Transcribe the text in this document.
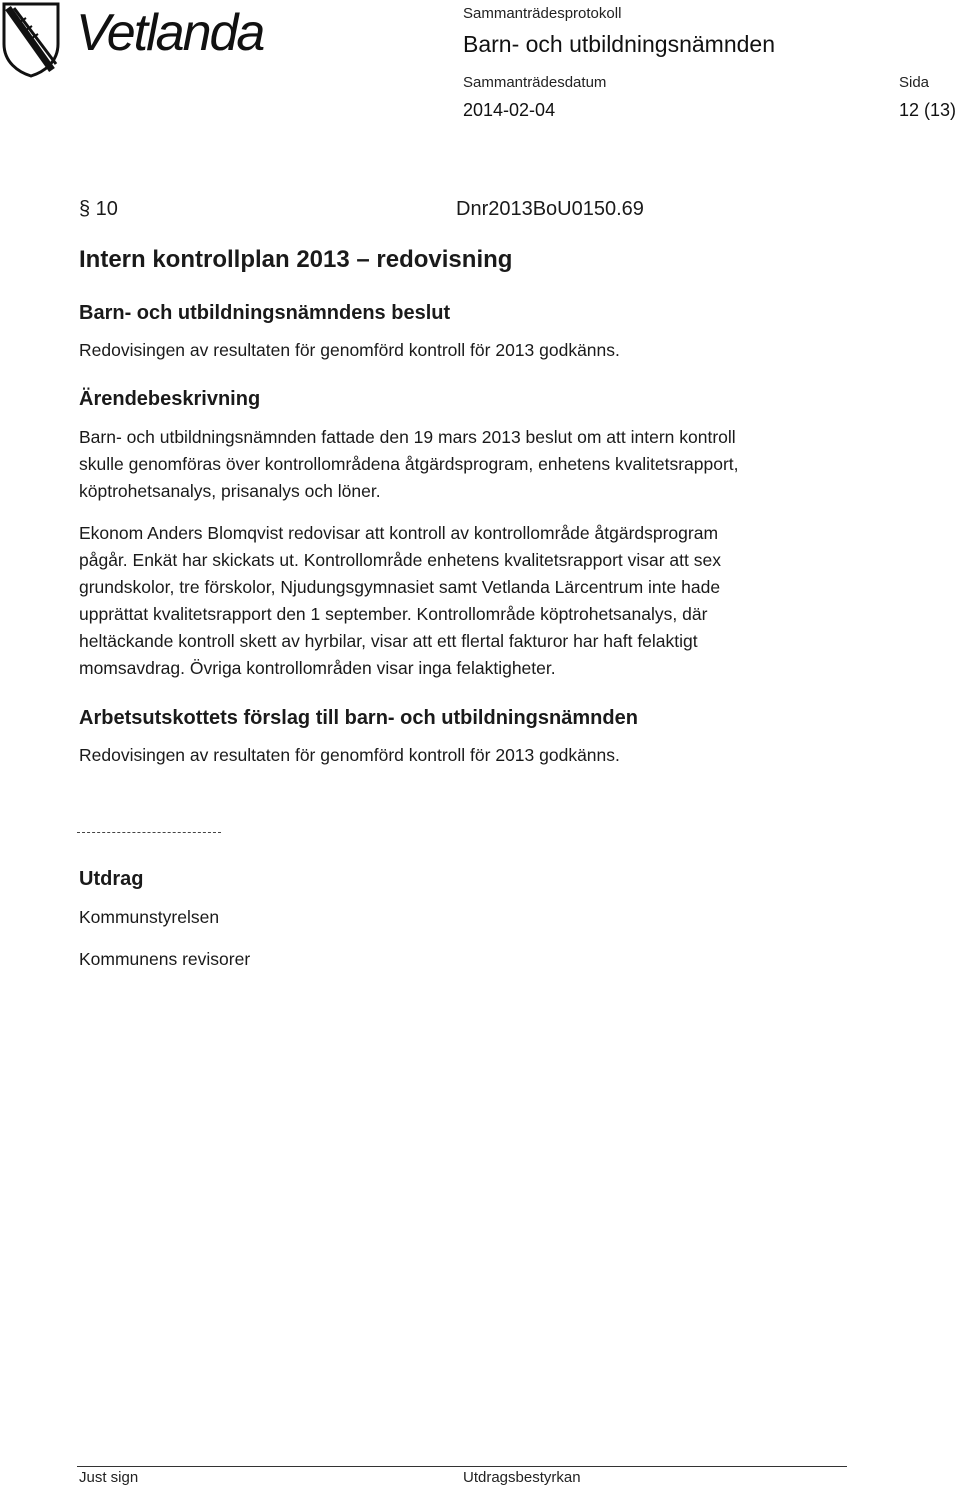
Vetlanda	Sammanträdesprotokoll
Barn- och utbildningsnämnden
Sammanträdesdatum	Sida
2014-02-04	12 (13)
§ 10	Dnr2013BoU0150.69
Intern kontrollplan 2013 – redovisning
Barn- och utbildningsnämndens beslut
Redovisingen av resultaten för genomförd kontroll för 2013 godkänns.
Ärendebeskrivning
Barn- och utbildningsnämnden fattade den 19 mars 2013 beslut om att intern kontroll
skulle genomföras över kontrollområdena åtgärdsprogram, enhetens kvalitetsrapport,
köptrohetsanalys, prisanalys och löner.
Ekonom Anders Blomqvist redovisar att kontroll av kontrollområde åtgärdsprogram
pågår. Enkät har skickats ut. Kontrollområde enhetens kvalitetsrapport visar att sex
grundskolor, tre förskolor, Njudungsgymnasiet samt Vetlanda Lärcentrum inte hade
upprättat kvalitetsrapport den 1 september. Kontrollområde köptrohetsanalys, där
heltäckande kontroll skett av hyrbilar, visar att ett flertal fakturor har haft felaktigt
momsavdrag. Övriga kontrollområden visar inga felaktigheter.
Arbetsutskottets förslag till barn- och utbildningsnämnden
Redovisingen av resultaten för genomförd kontroll för 2013 godkänns.
Utdrag
Kommunstyrelsen
Kommunens revisorer
Just sign	Utdragsbestyrkan
